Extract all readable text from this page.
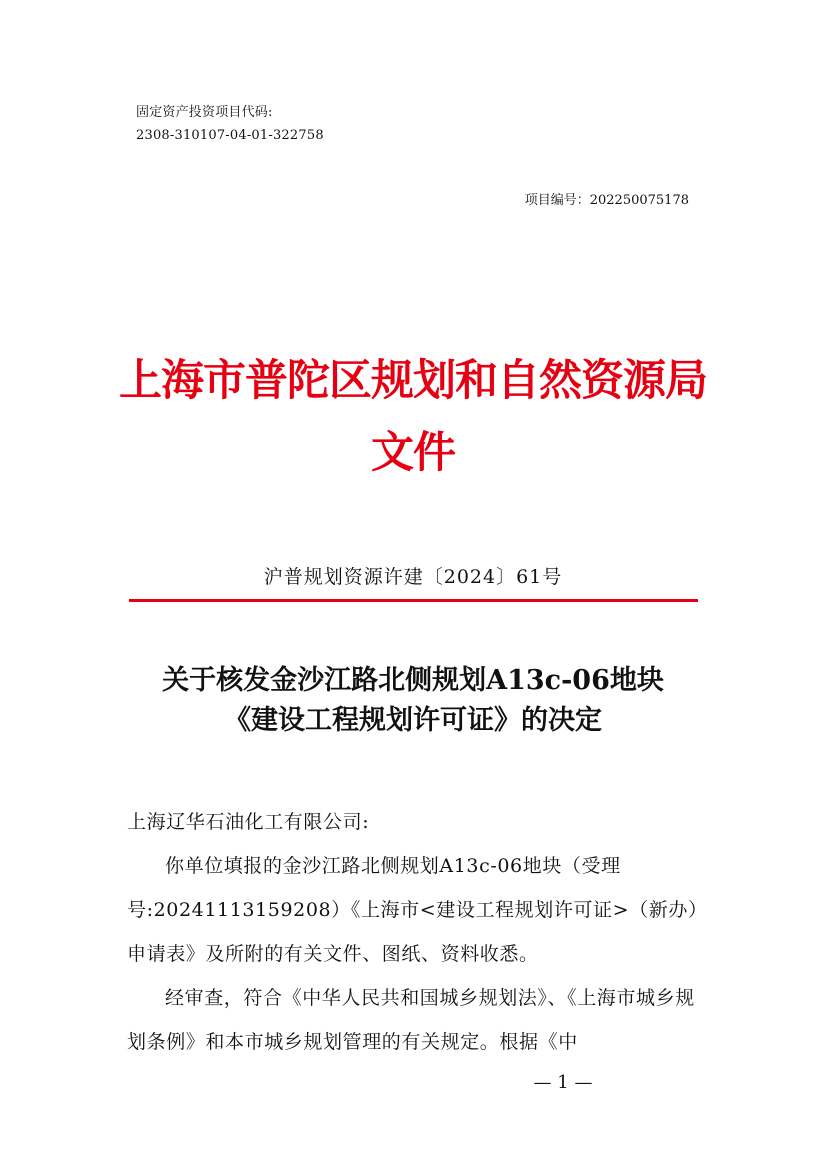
固定资产投资项目代码:
2308-310107-04-01-322758
项目编号：202250075178
上海市普陀区规划和自然资源局
文件
沪普规划资源许建〔2024〕61号
关于核发金沙江路北侧规划A13c-06地块
《建设工程规划许可证》的决定

上海辽华石油化工有限公司:

你单位填报的金沙江路北侧规划A13c-06地块（受理号:20241113159208）《上海市<建设工程规划许可证>（新办）申请表》及所附的有关文件、图纸、资料收悉。

经审查，符合《中华人民共和国城乡规划法》、《上海市城乡规划条例》和本市城乡规划管理的有关规定。根据《中

— 1 —
